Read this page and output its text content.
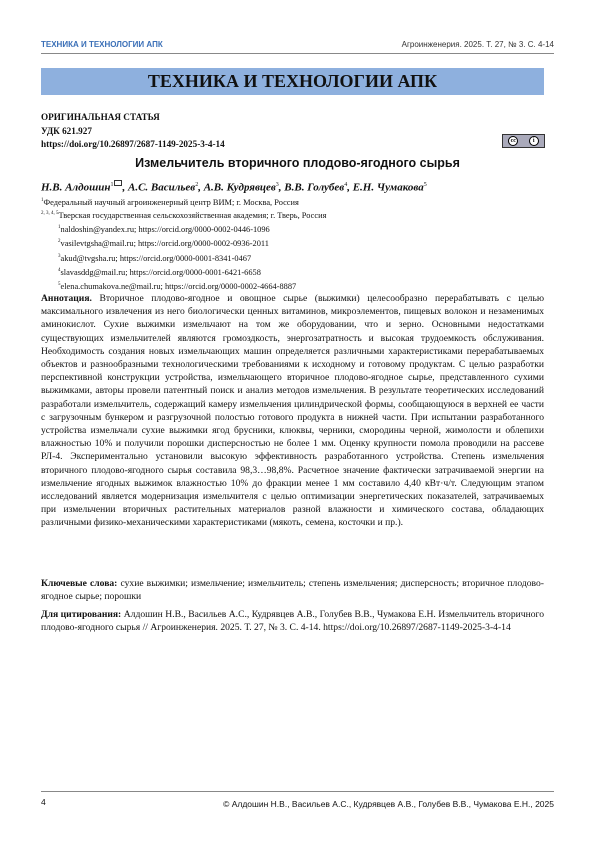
ТЕХНИКА И ТЕХНОЛОГИИ АПК	Агроинженерия. 2025. Т. 27, № 3. С. 4-14
ТЕХНИКА И ТЕХНОЛОГИИ АПК
ОРИГИНАЛЬНАЯ СТАТЬЯ
УДК 621.927
https://doi.org/10.26897/2687-1149-2025-3-4-14	cc	i
Измельчитель вторичного плодово-ягодного сырья
Н.В. Алдошин$^1$ , А.С. Васильев$^2$, А.В. Кудрявцев$^3$, В.В. Голубев$^4$, Е.Н. Чумакова$^5$
$^1$Федеральный научный агроинженерный центр ВИМ; г. Москва, Россия
$^{2, 3, 4, 5}$Тверская государственная сельскохозяйственная академия; г. Тверь, Россия
$^1$naldoshin@yandex.ru; https://orcid.org/0000-0002-0446-1096
$^2$vasilevtgsha@mail.ru; https://orcid.org/0000-0002-0936-2011
$^3$akud@tvgsha.ru; https://orcid.org/0000-0001-8341-0467
$^4$slavasddg@mail.ru; https://orcid.org/0000-0001-6421-6658
$^5$elena.chumakova.ne@mail.ru; https://orcid.org/0000-0002-4664-8887
Аннотация. Вторичное плодово-ягодное и овощное сырье (выжимки) целесообразно перерабатывать с целью максимального извлечения из него биологически ценных витаминов, микроэлементов, пищевых волокон и незаменимых аминокислот. Сухие выжимки измельчают на том же оборудовании, что и зерно. Основными недостатками существующих измельчителей являются громоздкость, энергозатратность и высокая трудоемкость обслуживания. Необходимость создания новых измельчающих машин определяется различными характеристиками перерабатываемых объектов и разнообразными технологическими требованиями к исходному и готовому продуктам. С целью разработки перспективной конструкции устройства, измельчающего вторичное плодово-ягодное сырье, представленного сухими выжимками, авторы провели патентный поиск и анализ методов измельчения. В результате теоретических исследований разработали измельчитель, содержащий камеру измельчения цилиндрической формы, сообщающуюся в верхней ее части с загрузочным бункером и разгрузочной полостью готового продукта в нижней части. При испытании разработанного устройства измельчали сухие выжимки ягод брусники, клюквы, черники, смородины черной, жимолости и облепихи влажностью 10% и получили порошки дисперсностью не более 1 мм. Оценку крупности помола проводили на рассеве РЛ-4. Экспериментально установили высокую эффективность разработанного устройства. Степень измельчения вторичного плодово-ягодного сырья составила 98,3…98,8%. Расчетное значение фактически затрачиваемой энергии на измельчение ягодных выжимок влажностью 10% до фракции менее 1 мм составило 4,40 кВт·ч/т. Следующим этапом исследований является модернизация измельчителя с целью оптимизации энергетических показателей, затрачиваемых при измельчении вторичных растительных материалов разной влажности и химического состава, обладающих различными физико-механическими характеристиками (мякоть, семена, косточки и пр.).
Ключевые слова: сухие выжимки; измельчение; измельчитель; степень измельчения; дисперсность; вторичное плодово-ягодное сырье; порошки
Для цитирования: Алдошин Н.В., Васильев А.С., Кудрявцев А.В., Голубев В.В., Чумакова Е.Н. Измельчитель вторичного плодово-ягодного сырья // Агроинженерия. 2025. Т. 27, № 3. С. 4-14. https://doi.org/10.26897/2687-1149-2025-3-4-14
4	© Алдошин Н.В., Васильев А.С., Кудрявцев А.В., Голубев В.В., Чумакова Е.Н., 2025
